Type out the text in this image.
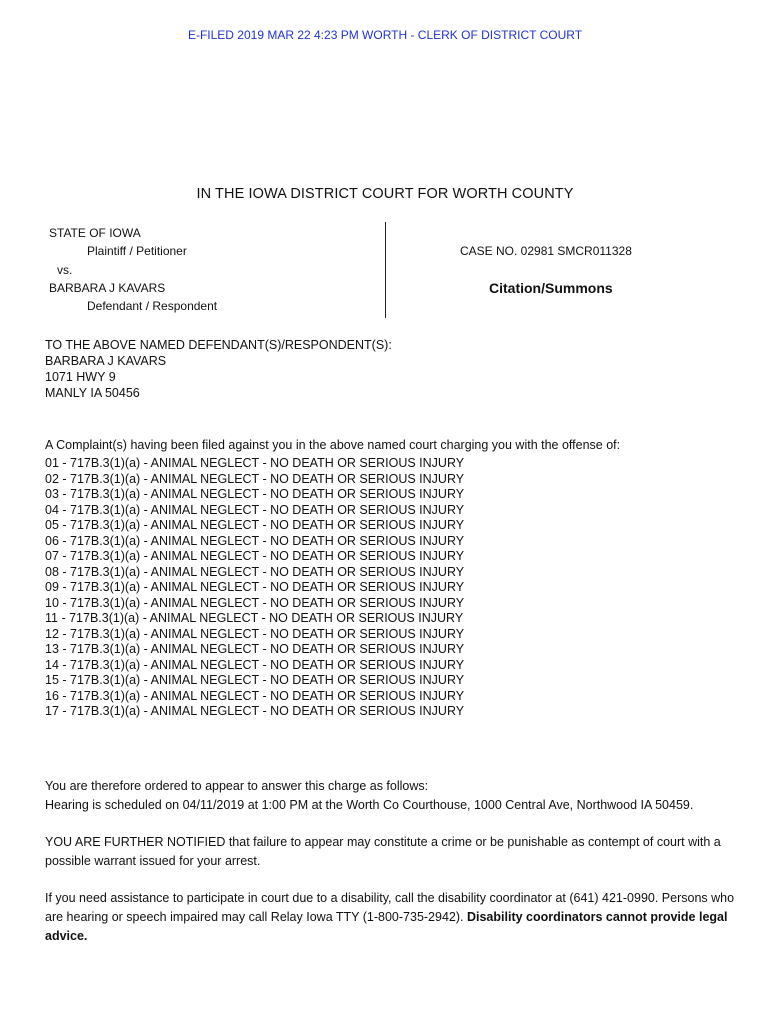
E-FILED 2019 MAR 22 4:23 PM WORTH - CLERK OF DISTRICT COURT
IN THE IOWA DISTRICT COURT FOR WORTH COUNTY
STATE OF IOWA
Plaintiff / Petitioner
vs.
BARBARA J KAVARS
Defendant / Respondent
CASE NO. 02981 SMCR011328
Citation/Summons
TO THE ABOVE NAMED DEFENDANT(S)/RESPONDENT(S):
BARBARA J KAVARS
1071 HWY 9
MANLY IA 50456
A Complaint(s) having been filed against you in the above named court charging you with the offense of:
01 - 717B.3(1)(a) - ANIMAL NEGLECT - NO DEATH OR SERIOUS INJURY
02 - 717B.3(1)(a) - ANIMAL NEGLECT - NO DEATH OR SERIOUS INJURY
03 - 717B.3(1)(a) - ANIMAL NEGLECT - NO DEATH OR SERIOUS INJURY
04 - 717B.3(1)(a) - ANIMAL NEGLECT - NO DEATH OR SERIOUS INJURY
05 - 717B.3(1)(a) - ANIMAL NEGLECT - NO DEATH OR SERIOUS INJURY
06 - 717B.3(1)(a) - ANIMAL NEGLECT - NO DEATH OR SERIOUS INJURY
07 - 717B.3(1)(a) - ANIMAL NEGLECT - NO DEATH OR SERIOUS INJURY
08 - 717B.3(1)(a) - ANIMAL NEGLECT - NO DEATH OR SERIOUS INJURY
09 - 717B.3(1)(a) - ANIMAL NEGLECT - NO DEATH OR SERIOUS INJURY
10 - 717B.3(1)(a) - ANIMAL NEGLECT - NO DEATH OR SERIOUS INJURY
11 - 717B.3(1)(a) - ANIMAL NEGLECT - NO DEATH OR SERIOUS INJURY
12 - 717B.3(1)(a) - ANIMAL NEGLECT - NO DEATH OR SERIOUS INJURY
13 - 717B.3(1)(a) - ANIMAL NEGLECT - NO DEATH OR SERIOUS INJURY
14 - 717B.3(1)(a) - ANIMAL NEGLECT - NO DEATH OR SERIOUS INJURY
15 - 717B.3(1)(a) - ANIMAL NEGLECT - NO DEATH OR SERIOUS INJURY
16 - 717B.3(1)(a) - ANIMAL NEGLECT - NO DEATH OR SERIOUS INJURY
17 - 717B.3(1)(a) - ANIMAL NEGLECT - NO DEATH OR SERIOUS INJURY
You are therefore ordered to appear to answer this charge as follows:
Hearing is scheduled on 04/11/2019 at 1:00 PM at the Worth Co Courthouse, 1000 Central Ave, Northwood IA 50459.
YOU ARE FURTHER NOTIFIED that failure to appear may constitute a crime or be punishable as contempt of court with a possible warrant issued for your arrest.
If you need assistance to participate in court due to a disability, call the disability coordinator at (641) 421-0990. Persons who are hearing or speech impaired may call Relay Iowa TTY (1-800-735-2942). Disability coordinators cannot provide legal advice.
